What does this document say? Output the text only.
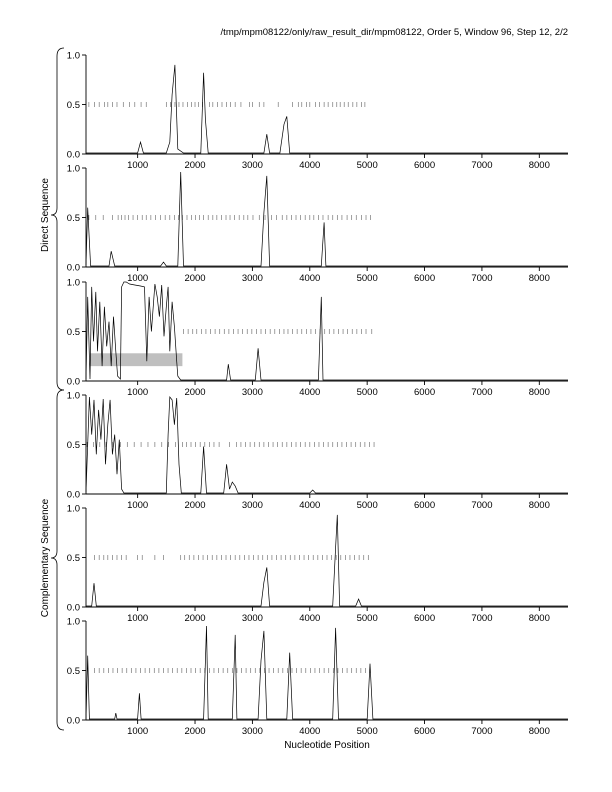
/tmp/mpm08122/only/raw_result_dir/mpm08122, Order 5, Window 96, Step 12, 2/2
0.0
0.5
1.0
1000	2000	3000	4000	5000	6000	7000	8000
0.0
0.5
1.0
1000	2000	3000	4000	5000	6000	7000	8000
0.0
0.5
1.0
1000	2000	3000	4000	5000	6000	7000	8000
0.0
0.5
1.0
1000	2000	3000	4000	5000	6000	7000	8000
0.0
0.5
1.0
1000	2000	3000	4000	5000	6000	7000	8000
0.0
0.5
1.0
1000	2000	3000	4000	5000	6000	7000	8000
Nucleotide Position
Direct Sequence
Complementary Sequence
